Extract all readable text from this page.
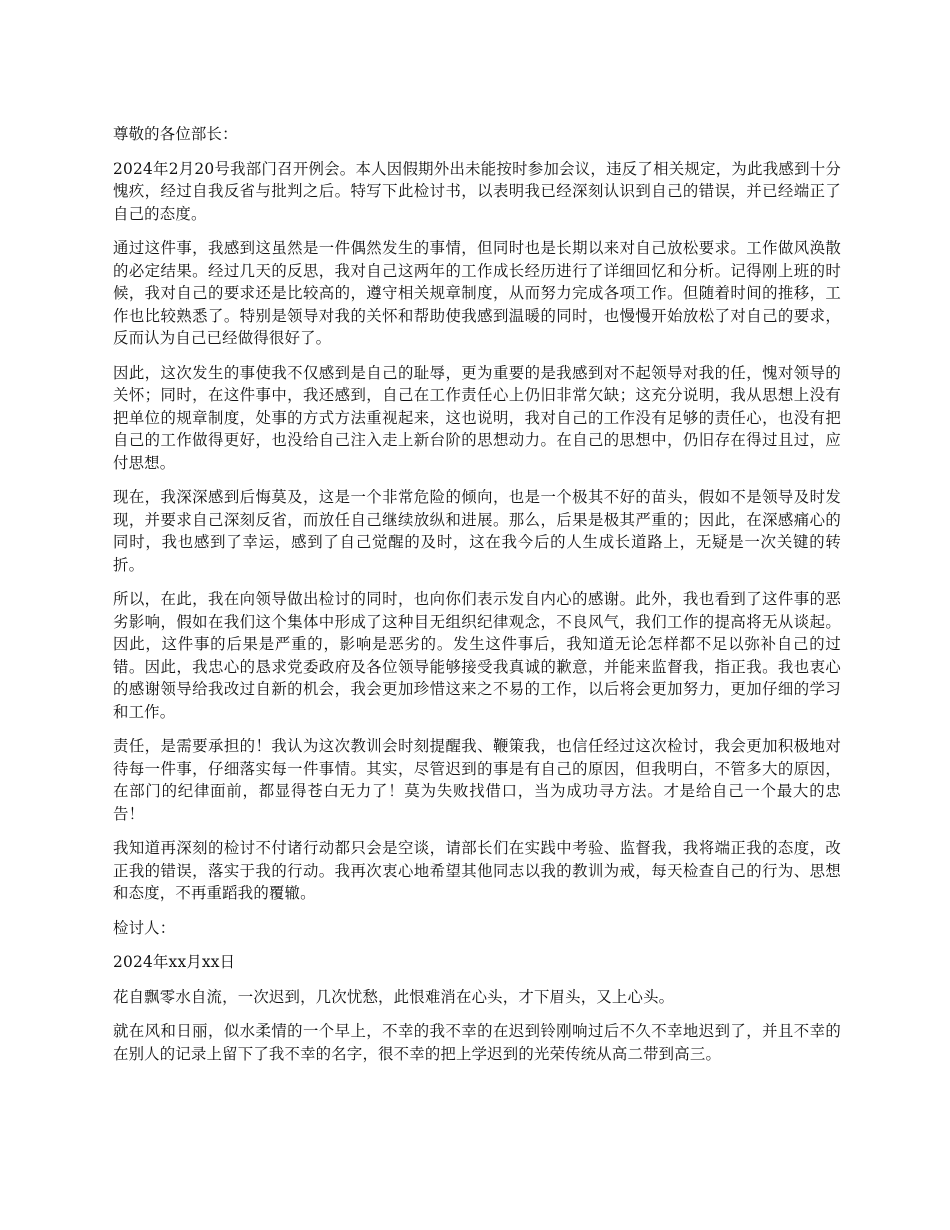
尊敬的各位部长：

2024年2月20号我部门召开例会。本人因假期外出未能按时参加会议，违反了相关规定，为此我感到十分愧疚，经过自我反省与批判之后。特写下此检讨书，以表明我已经深刻认识到自己的错误，并已经端正了自己的态度。

通过这件事，我感到这虽然是一件偶然发生的事情，但同时也是长期以来对自己放松要求。工作做风涣散的必定结果。经过几天的反思，我对自己这两年的工作成长经历进行了详细回忆和分析。记得刚上班的时候，我对自己的要求还是比较高的，遵守相关规章制度，从而努力完成各项工作。但随着时间的推移，工作也比较熟悉了。特别是领导对我的关怀和帮助使我感到温暖的同时，也慢慢开始放松了对自己的要求，反而认为自己已经做得很好了。

因此，这次发生的事使我不仅感到是自己的耻辱，更为重要的是我感到对不起领导对我的任，愧对领导的关怀；同时，在这件事中，我还感到，自己在工作责任心上仍旧非常欠缺；这充分说明，我从思想上没有把单位的规章制度，处事的方式方法重视起来，这也说明，我对自己的工作没有足够的责任心，也没有把自己的工作做得更好，也没给自己注入走上新台阶的思想动力。在自己的思想中，仍旧存在得过且过，应付思想。

现在，我深深感到后悔莫及，这是一个非常危险的倾向，也是一个极其不好的苗头，假如不是领导及时发现，并要求自己深刻反省，而放任自己继续放纵和进展。那么，后果是极其严重的；因此，在深感痛心的同时，我也感到了幸运，感到了自己觉醒的及时，这在我今后的人生成长道路上，无疑是一次关键的转折。

所以，在此，我在向领导做出检讨的同时，也向你们表示发自内心的感谢。此外，我也看到了这件事的恶劣影响，假如在我们这个集体中形成了这种目无组织纪律观念，不良风气，我们工作的提高将无从谈起。因此，这件事的后果是严重的，影响是恶劣的。发生这件事后，我知道无论怎样都不足以弥补自己的过错。因此，我忠心的恳求党委政府及各位领导能够接受我真诚的歉意，并能来监督我，指正我。我也衷心的感谢领导给我改过自新的机会，我会更加珍惜这来之不易的工作，以后将会更加努力，更加仔细的学习和工作。

责任，是需要承担的！我认为这次教训会时刻提醒我、鞭策我，也信任经过这次检讨，我会更加积极地对待每一件事，仔细落实每一件事情。其实，尽管迟到的事是有自己的原因，但我明白，不管多大的原因，在部门的纪律面前，都显得苍白无力了！莫为失败找借口，当为成功寻方法。才是给自己一个最大的忠告！

我知道再深刻的检讨不付诸行动都只会是空谈，请部长们在实践中考验、监督我，我将端正我的态度，改正我的错误，落实于我的行动。我再次衷心地希望其他同志以我的教训为戒，每天检查自己的行为、思想和态度，不再重蹈我的覆辙。

检讨人：

2024年xx月xx日

花自飘零水自流，一次迟到，几次忧愁，此恨难消在心头，才下眉头，又上心头。

就在风和日丽，似水柔情的一个早上，不幸的我不幸的在迟到铃刚响过后不久不幸地迟到了，并且不幸的在别人的记录上留下了我不幸的名字，很不幸的把上学迟到的光荣传统从高二带到高三。
